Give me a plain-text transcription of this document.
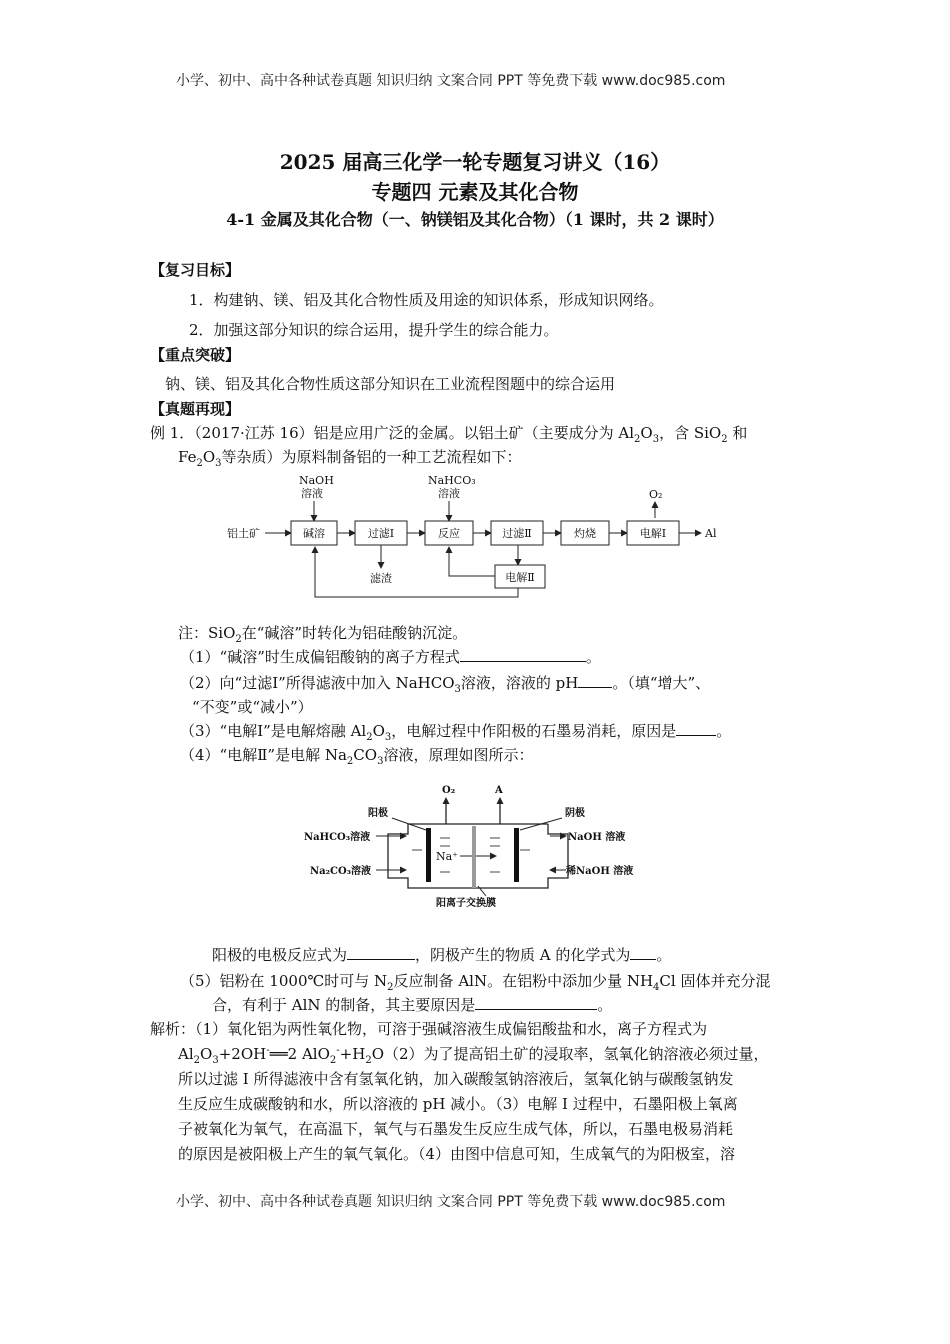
小学、初中、高中各种试卷真题 知识归纳 文案合同 PPT 等免费下载 www.doc985.com
2025 届高三化学一轮专题复习讲义（16）
专题四 元素及其化合物
4-1 金属及其化合物（一、钠镁铝及其化合物）（1 课时，共 2 课时）
【复习目标】
1．构建钠、镁、铝及其化合物性质及用途的知识体系，形成知识网络。
2．加强这部分知识的综合运用，提升学生的综合能力。
【重点突破】
钠、镁、铝及其化合物性质这部分知识在工业流程图题中的综合运用
【真题再现】
例 1．（2017·江苏 16）铝是应用广泛的金属。以铝土矿（主要成分为 $Al_2O_3$，含 SiO$_2$ 和
$Fe_2O_3$等杂质）为原料制备铝的一种工艺流程如下：
铝土矿
NaOH
溶液
NaHCO₃
溶液	O₂
碱溶	过滤Ⅰ	反应	过滤Ⅱ	灼烧	电解Ⅰ
电解Ⅱ
滤渣
Al
注：SiO$_2$在“碱溶”时转化为铝硅酸钠沉淀。
（1）“碱溶”时生成偏铝酸钠的离子方程式	。
（2）向“过滤Ⅰ”所得滤液中加入 NaHCO$_3$溶液，溶液的 pH 。（填“增大”、
“不变”或“减小”）
（3）“电解Ⅰ”是电解熔融 $Al_2O_3$，电解过程中作阳极的石墨易消耗，原因是	。
（4）“电解Ⅱ”是电解 $Na_2CO_3$溶液，原理如图所示：
O₂	A
阳极	阴极
NaHCO₃溶液
Na₂CO₃溶液
NaOH 溶液
稀NaOH 溶液
阳离子交换膜
Na⁺
阳极的电极反应式为	，阴极产生的物质 A 的化学式为 。
（5）铝粉在 1000℃时可与 $N_2$反应制备 AlN。在铝粉中添加少量 $NH_4Cl$ 固体并充分混
合，有利于 AlN 的制备，其主要原因是	。
解析：（1）氧化铝为两性氧化物，可溶于强碱溶液生成偏铝酸盐和水，离子方程式为
$Al_2O_3+2OH^-══2$ $AlO_2^-+H_2O(2)$为了提高铝土矿的浸取率，氢氧化钠溶液必须过量，
所以过滤 I 所得滤液中含有氢氧化钠，加入碳酸氢钠溶液后，氢氧化钠与碳酸氢钠发
生反应生成碳酸钠和水，所以溶液的 pH 减小。（3）电解 I 过程中，石墨阳极上氧离
子被氧化为氧气，在高温下，氧气与石墨发生反应生成气体，所以，石墨电极易消耗
的原因是被阳极上产生的氧气氧化。（4）由图中信息可知，生成氧气的为阳极室，溶
小学、初中、高中各种试卷真题 知识归纳 文案合同 PPT 等免费下载 www.doc985.com
